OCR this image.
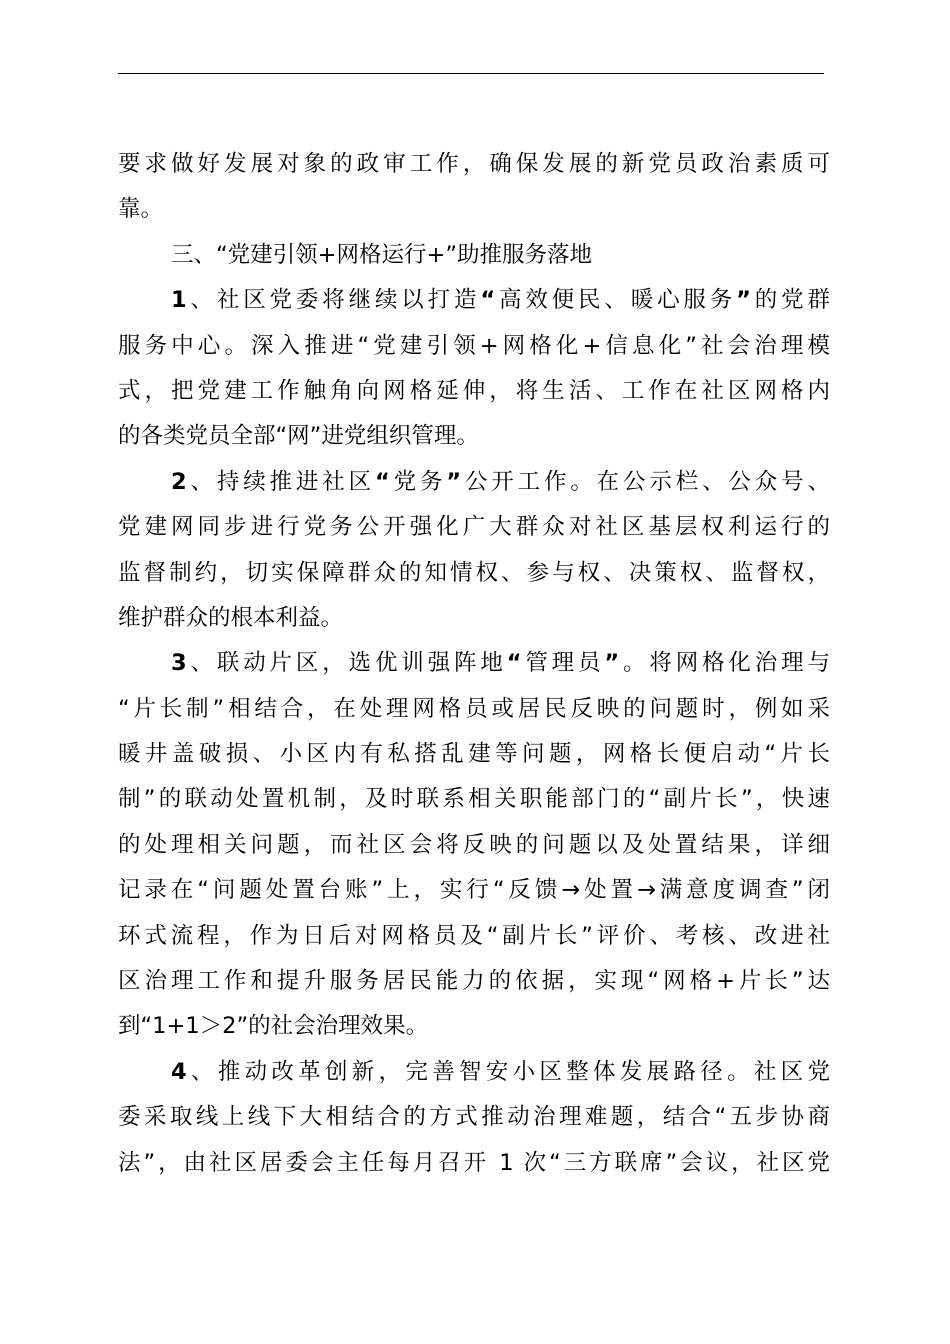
要求做好发展对象的政审工作，确保发展的新党员政治素质可
靠。
三、“党建引领+网格运行+”助推服务落地
1、社区党委将继续以打造“高效便民、暖心服务”的党群
服务中心。深入推进“党建引领+网格化+信息化”社会治理模
式，把党建工作触角向网格延伸，将生活、工作在社区网格内
的各类党员全部“网”进党组织管理。
2、持续推进社区“党务”公开工作。在公示栏、公众号、
党建网同步进行党务公开强化广大群众对社区基层权利运行的
监督制约，切实保障群众的知情权、参与权、决策权、监督权，
维护群众的根本利益。
3、联动片区，选优训强阵地“管理员”。将网格化治理与
“片长制”相结合，在处理网格员或居民反映的问题时，例如采
暖井盖破损、小区内有私搭乱建等问题，网格长便启动“片长
制”的联动处置机制，及时联系相关职能部门的“副片长”，快速
的处理相关问题，而社区会将反映的问题以及处置结果，详细
记录在“问题处置台账”上，实行“反馈→处置→满意度调查”闭
环式流程，作为日后对网格员及“副片长”评价、考核、改进社
区治理工作和提升服务居民能力的依据，实现“网格+片长”达
到“1+1＞2”的社会治理效果。
4、推动改革创新，完善智安小区整体发展路径。社区党
委采取线上线下大相结合的方式推动治理难题，结合“五步协商
法”，由社区居委会主任每月召开 1 次“三方联席”会议，社区党
